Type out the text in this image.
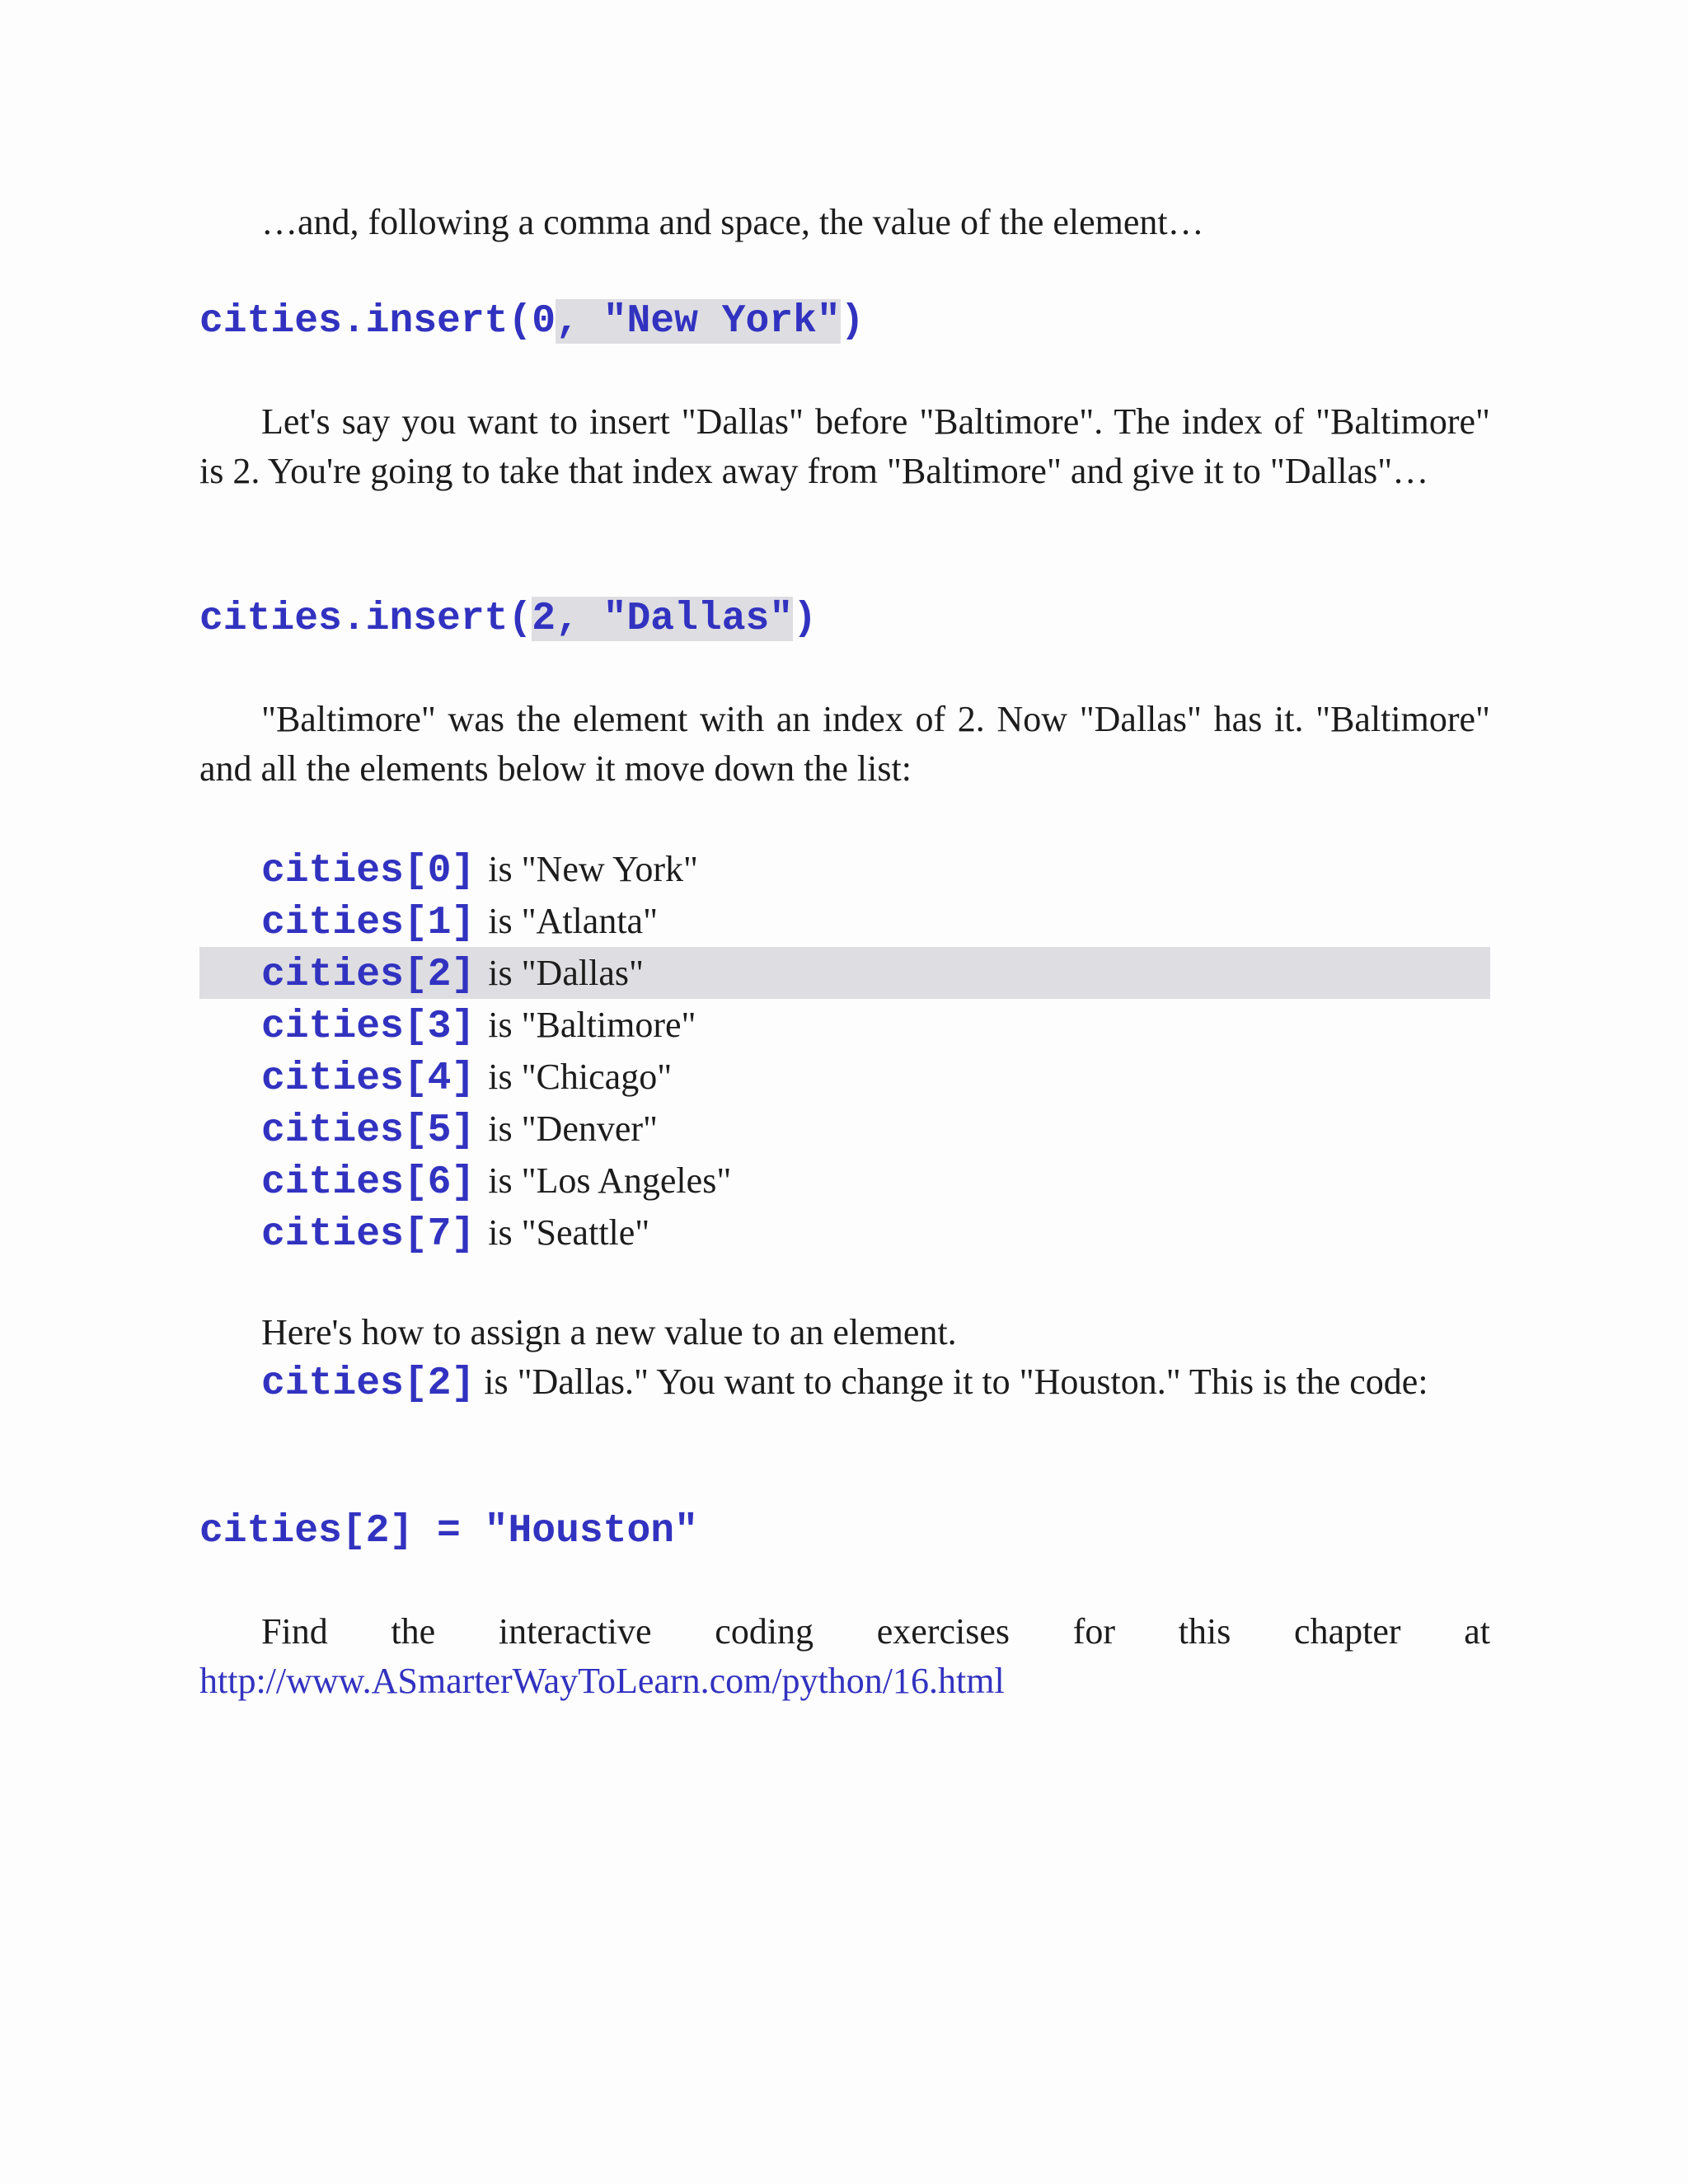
…and, following a comma and space, the value of the element…
cities.insert(0, "New York")
Let's say you want to insert "Dallas" before "Baltimore". The index of "Baltimore" is 2. You're going to take that index away from "Baltimore" and give it to "Dallas"…
cities.insert(2, "Dallas")
"Baltimore" was the element with an index of 2. Now "Dallas" has it. "Baltimore" and all the elements below it move down the list:
cities[0] is "New York"
cities[1] is "Atlanta"
cities[2] is "Dallas"
cities[3] is "Baltimore"
cities[4] is "Chicago"
cities[5] is "Denver"
cities[6] is "Los Angeles"
cities[7] is "Seattle"
Here's how to assign a new value to an element.
cities[2] is "Dallas." You want to change it to "Houston." This is the code:
cities[2] = "Houston"
Find the interactive coding exercises for this chapter at
http://www.ASmarterWayToLearn.com/python/16.html
